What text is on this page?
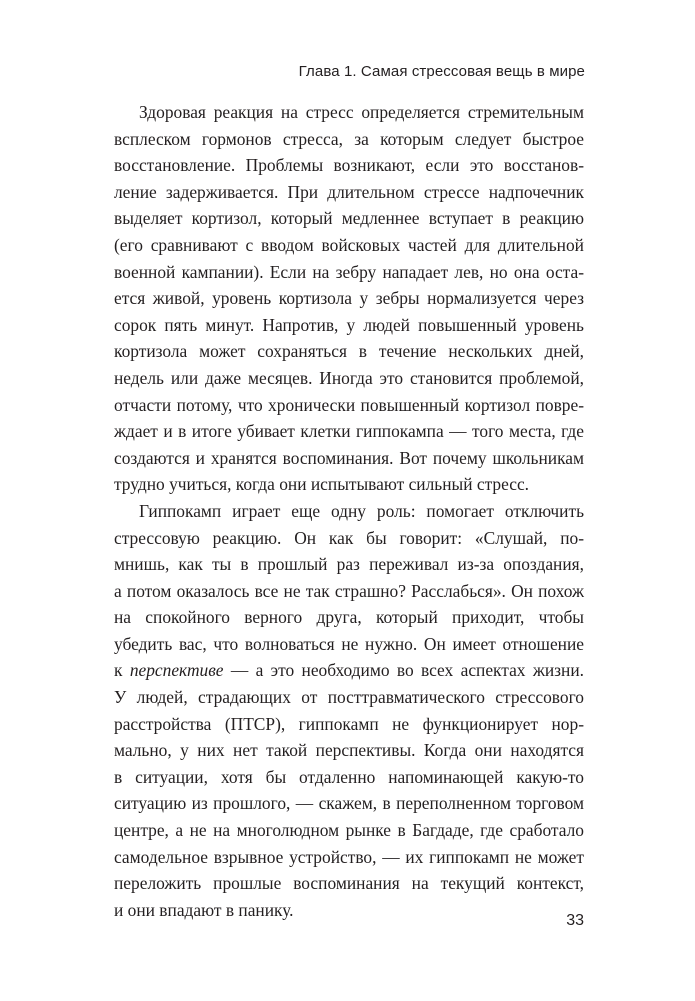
Глава 1. Самая стрессовая вещь в мире

Здоровая реакция на стресс определяется стремительным
всплеском гормонов стресса, за которым следует быстрое
восстановление. Проблемы возникают, если это восстанов-
ление задерживается. При длительном стрессе надпочечник
выделяет кортизол, который медленнее вступает в реакцию
(его сравнивают с вводом войсковых частей для длительной
военной кампании). Если на зебру нападает лев, но она оста-
ется живой, уровень кортизола у зебры нормализуется через
сорок пять минут. Напротив, у людей повышенный уровень
кортизола может сохраняться в течение нескольких дней,
недель или даже месяцев. Иногда это становится проблемой,
отчасти потому, что хронически повышенный кортизол повре-
ждает и в итоге убивает клетки гиппокампа — того места, где
создаются и хранятся воспоминания. Вот почему школьникам
трудно учиться, когда они испытывают сильный стресс.

Гиппокамп играет еще одну роль: помогает отключить
стрессовую реакцию. Он как бы говорит: «Слушай, по-
мнишь, как ты в прошлый раз переживал из-за опоздания,
а потом оказалось все не так страшно? Расслабься». Он похож
на спокойного верного друга, который приходит, чтобы
убедить вас, что волноваться не нужно. Он имеет отношение
к перспективе — а это необходимо во всех аспектах жизни.
У людей, страдающих от посттравматического стрессового
расстройства (ПТСР), гиппокамп не функционирует нор-
мально, у них нет такой перспективы. Когда они находятся
в ситуации, хотя бы отдаленно напоминающей какую-то
ситуацию из прошлого, — скажем, в переполненном торговом
центре, а не на многолюдном рынке в Багдаде, где сработало
самодельное взрывное устройство, — их гиппокамп не может
переложить прошлые воспоминания на текущий контекст,
и они впадают в панику.

33
